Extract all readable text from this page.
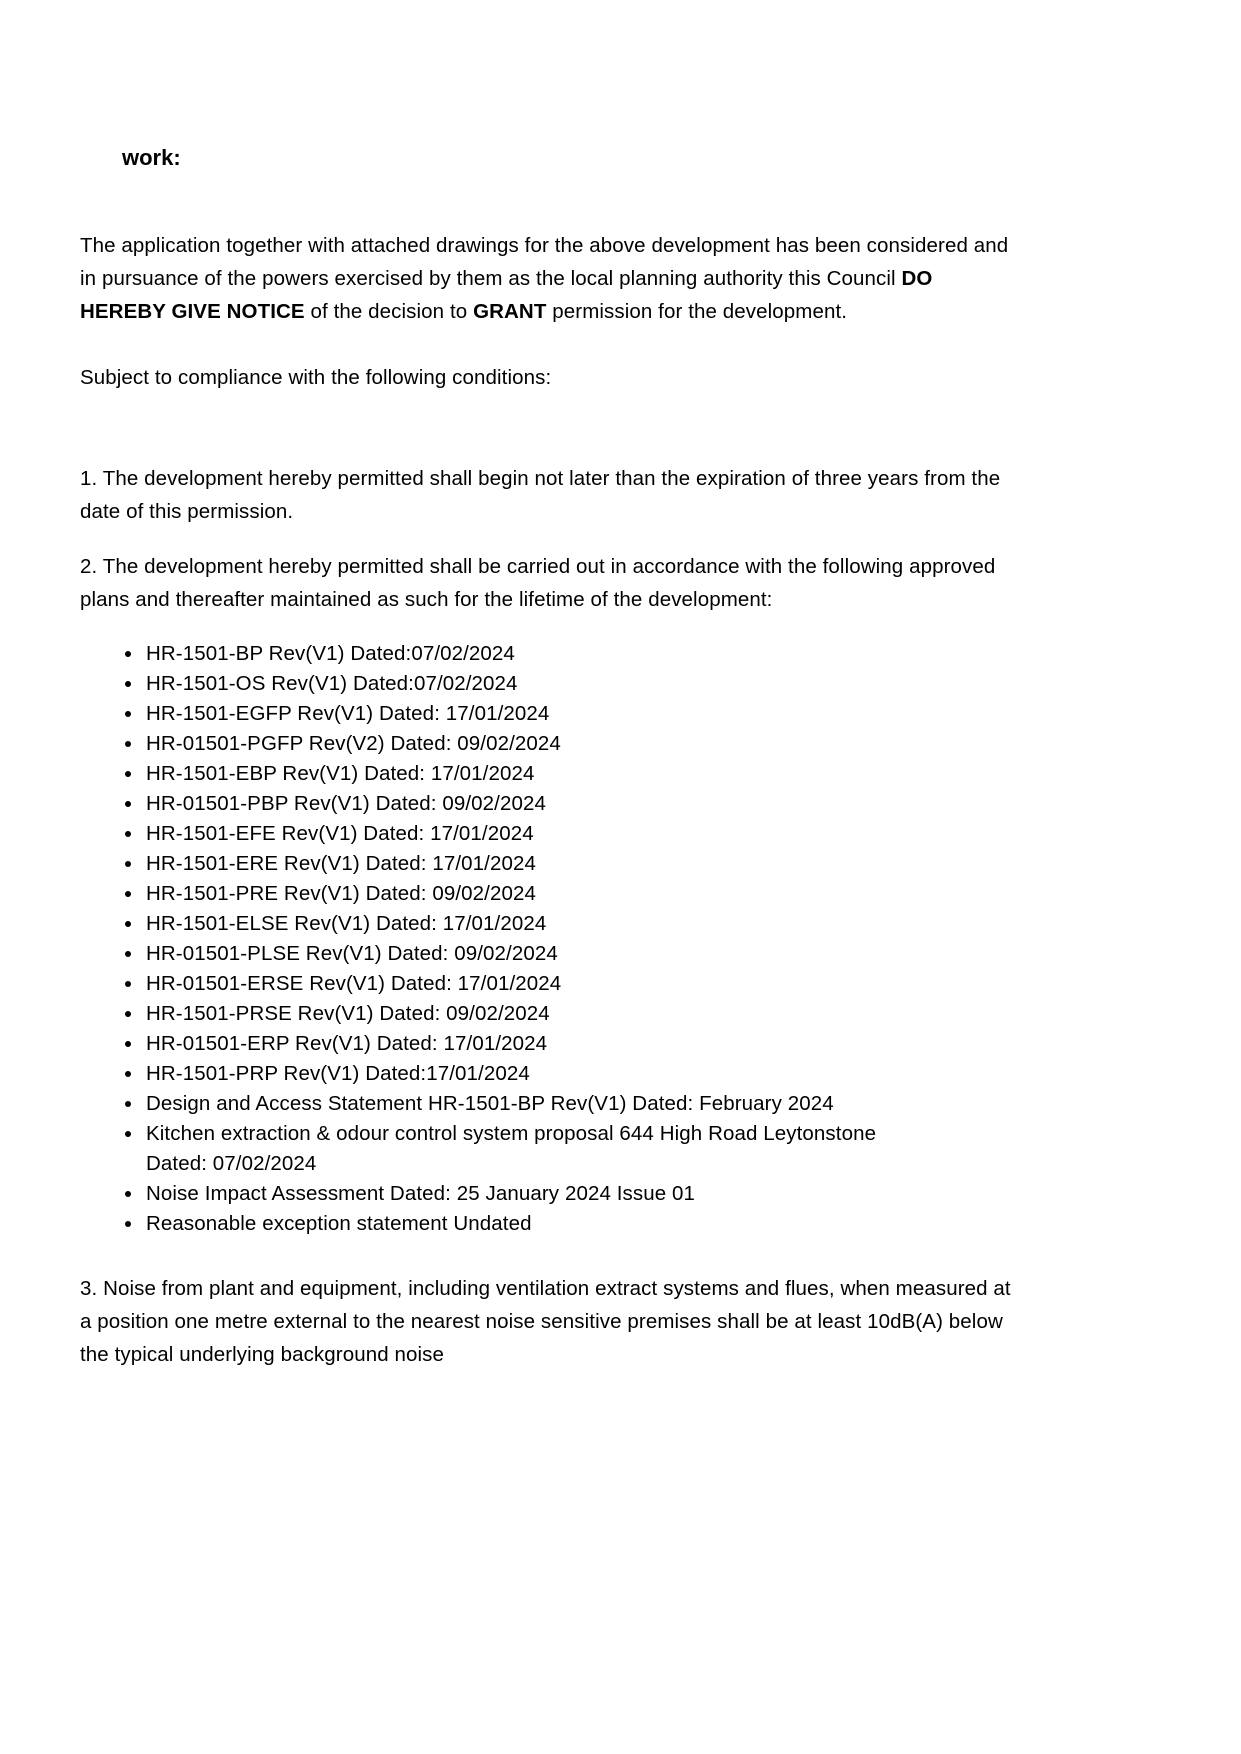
work:

The application together with attached drawings for the above development has been considered and in pursuance of the powers exercised by them as the local planning authority this Council DO HEREBY GIVE NOTICE of the decision to GRANT permission for the development.

Subject to compliance with the following conditions:

1. The development hereby permitted shall begin not later than the expiration of three years from the date of this permission.

2. The development hereby permitted shall be carried out in accordance with the following approved plans and thereafter maintained as such for the lifetime of the development:

• HR-1501-BP Rev(V1) Dated:07/02/2024
• HR-1501-OS Rev(V1) Dated:07/02/2024
• HR-1501-EGFP Rev(V1) Dated: 17/01/2024
• HR-01501-PGFP Rev(V2) Dated: 09/02/2024
• HR-1501-EBP Rev(V1) Dated: 17/01/2024
• HR-01501-PBP Rev(V1) Dated: 09/02/2024
• HR-1501-EFE Rev(V1) Dated: 17/01/2024
• HR-1501-ERE Rev(V1) Dated: 17/01/2024
• HR-1501-PRE Rev(V1) Dated: 09/02/2024
• HR-1501-ELSE Rev(V1) Dated: 17/01/2024
• HR-01501-PLSE Rev(V1) Dated: 09/02/2024
• HR-01501-ERSE Rev(V1) Dated: 17/01/2024
• HR-1501-PRSE Rev(V1) Dated: 09/02/2024
• HR-01501-ERP Rev(V1) Dated: 17/01/2024
• HR-1501-PRP Rev(V1) Dated:17/01/2024
• Design and Access Statement HR-1501-BP Rev(V1) Dated: February 2024
• Kitchen extraction & odour control system proposal 644 High Road Leytonstone Dated: 07/02/2024
• Noise Impact Assessment Dated: 25 January 2024 Issue 01
• Reasonable exception statement Undated

3. Noise from plant and equipment, including ventilation extract systems and flues, when measured at a position one metre external to the nearest noise sensitive premises shall be at least 10dB(A) below the typical underlying background noise
